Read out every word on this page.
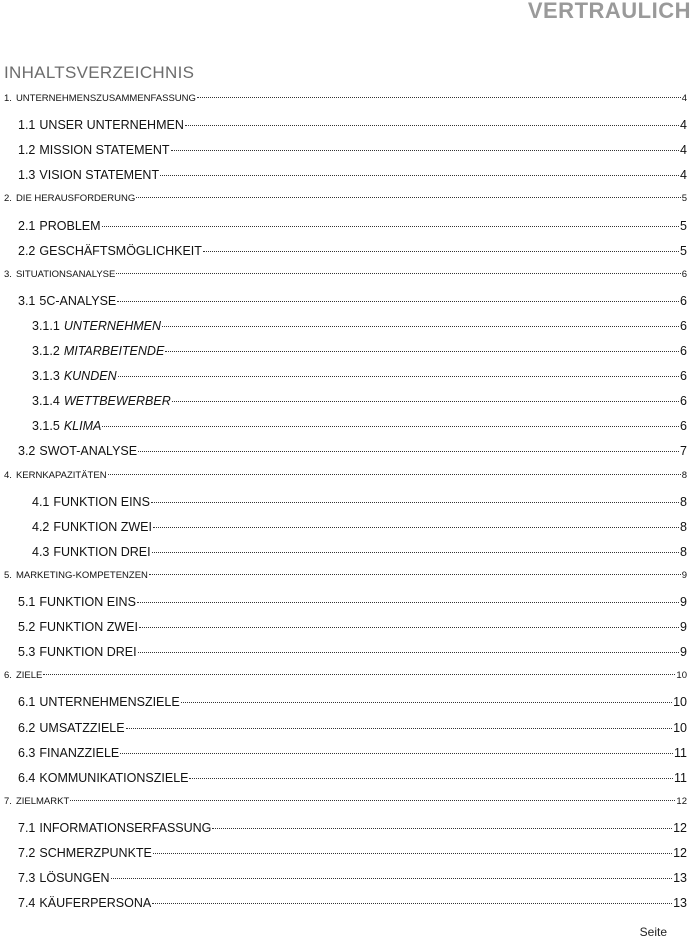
VERTRAULICH
INHALTSVERZEICHNIS
1. UNTERNEHMENSZUSAMMENFASSUNG	4
1.1 UNSER UNTERNEHMEN	4
1.2 MISSION STATEMENT	4
1.3 VISION STATEMENT	4
2. DIE HERAUSFORDERUNG	5
2.1 PROBLEM	5
2.2 GESCHÄFTSMÖGLICHKEIT	5
3. SITUATIONSANALYSE	6
3.1 5C-ANALYSE	6
3.1.1 UNTERNEHMEN	6
3.1.2 MITARBEITENDE	6
3.1.3 KUNDEN	6
3.1.4 WETTBEWERBER	6
3.1.5 KLIMA	6
3.2 SWOT-ANALYSE	7
4. KERNKAPAZITÄTEN	8
4.1 FUNKTION EINS	8
4.2 FUNKTION ZWEI	8
4.3 FUNKTION DREI	8
5. MARKETING-KOMPETENZEN	9
5.1 FUNKTION EINS	9
5.2 FUNKTION ZWEI	9
5.3 FUNKTION DREI	9
6. ZIELE	10
6.1 UNTERNEHMENSZIELE	10
6.2 UMSATZZIELE	10
6.3 FINANZZIELE	11
6.4 KOMMUNIKATIONSZIELE	11
7. ZIELMARKT	12
7.1 INFORMATIONSERFASSUNG	12
7.2 SCHMERZPUNKTE	12
7.3 LÖSUNGEN	13
7.4 KÄUFERPERSONA	13
Seite
